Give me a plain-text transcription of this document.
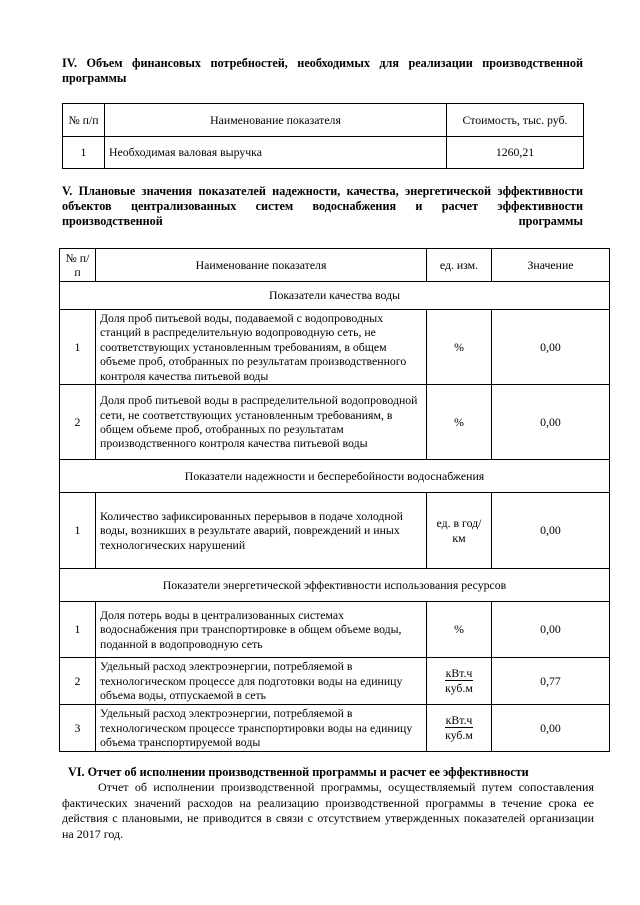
IV. Объем финансовых потребностей, необходимых для реализации производственной программы
№ п/п	Наименование показателя	Стоимость, тыс. руб.
1	Необходимая валовая выручка	1260,21
V. Плановые значения показателей надежности, качества, энергетической эффективности объектов централизованных систем водоснабжения и расчет эффективности производственной программы
№ п/п	Наименование показателя	ед. изм.	Значение
Показатели качества воды			
1	Доля проб питьевой воды, подаваемой с водопроводных станций в распределительную водопроводную сеть, не соответствующих установленным требованиям, в общем объеме проб, отобранных по результатам производственного контроля качества питьевой воды	%	0,00
2	Доля проб питьевой воды в распределительной водопроводной сети, не соответствующих установленным требованиям, в общем объеме проб, отобранных по результатам производственного контроля качества питьевой воды	%	0,00
Показатели надежности и бесперебойности водоснабжения			
1	Количество зафиксированных перерывов в подаче холодной воды, возникших в результате аварий, повреждений и иных технологических нарушений	ед. в год/ км	0,00
Показатели энергетической эффективности использования ресурсов			
1	Доля потерь воды в централизованных системах водоснабжения при транспортировке в общем объеме воды, поданной в водопроводную сеть	%	0,00
2	Удельный расход электроэнергии, потребляемой в технологическом процессе для подготовки воды на единицу объема воды, отпускаемой в сеть	$\frac{\text{кВт.ч}}{\text{куб.м}}$	0,77
3	Удельный расход электроэнергии, потребляемой в технологическом процессе транспортировки воды на единицу объема транспортируемой воды	$\frac{\text{кВт.ч}}{\text{куб.м}}$	0,00
VI. Отчет об исполнении производственной программы и расчет ее эффективности
Отчет об исполнении производственной программы, осуществляемый путем сопоставления фактических значений расходов на реализацию производственной программы в течение срока ее действия с плановыми, не приводится в связи с отсутствием утвержденных показателей организации на 2017 год.
